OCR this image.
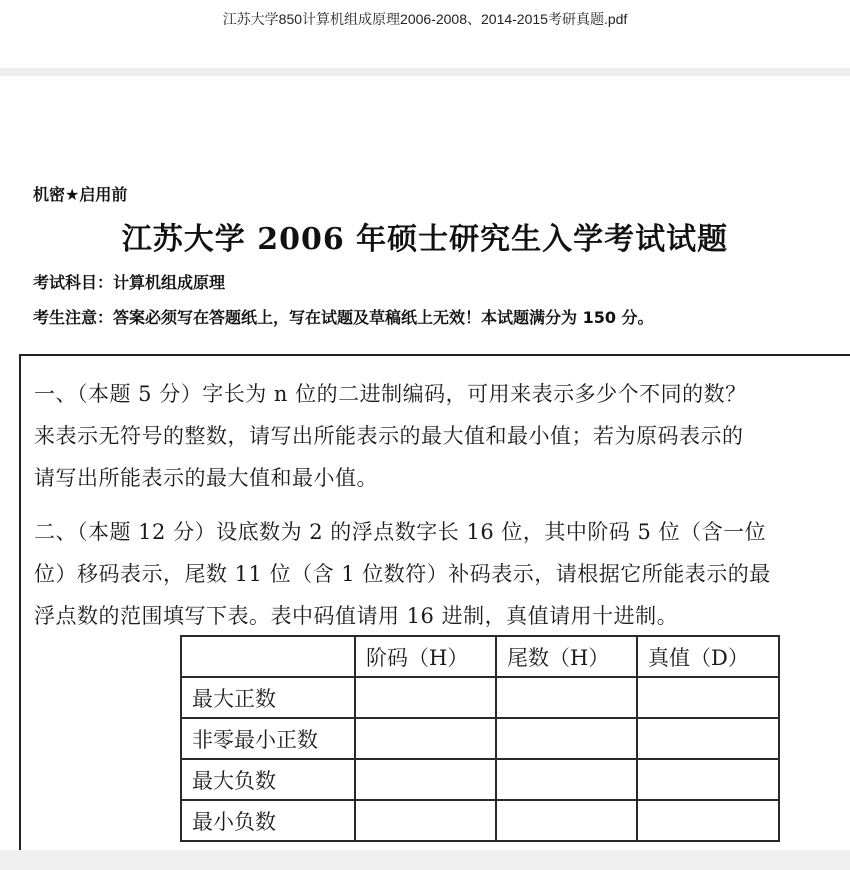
江苏大学850计算机组成原理2006-2008、2014-2015考研真题.pdf
机密★启用前
江苏大学 2006 年硕士研究生入学考试试题
考试科目：计算机组成原理
考生注意：答案必须写在答题纸上，写在试题及草稿纸上无效！本试题满分为 150 分。
一、（本题 5 分）字长为 n 位的二进制编码，可用来表示多少个不同的数？
来表示无符号的整数，请写出所能表示的最大值和最小值；若为原码表示的
请写出所能表示的最大值和最小值。
二、（本题 12 分）设底数为 2 的浮点数字长 16 位，其中阶码 5 位（含一位
位）移码表示，尾数 11 位（含 1 位数符）补码表示，请根据它所能表示的最
浮点数的范围填写下表。表中码值请用 16 进制，真值请用十进制。
	阶码（H）	尾数（H）	真值（D）
最大正数			
非零最小正数			
最大负数			
最小负数			
